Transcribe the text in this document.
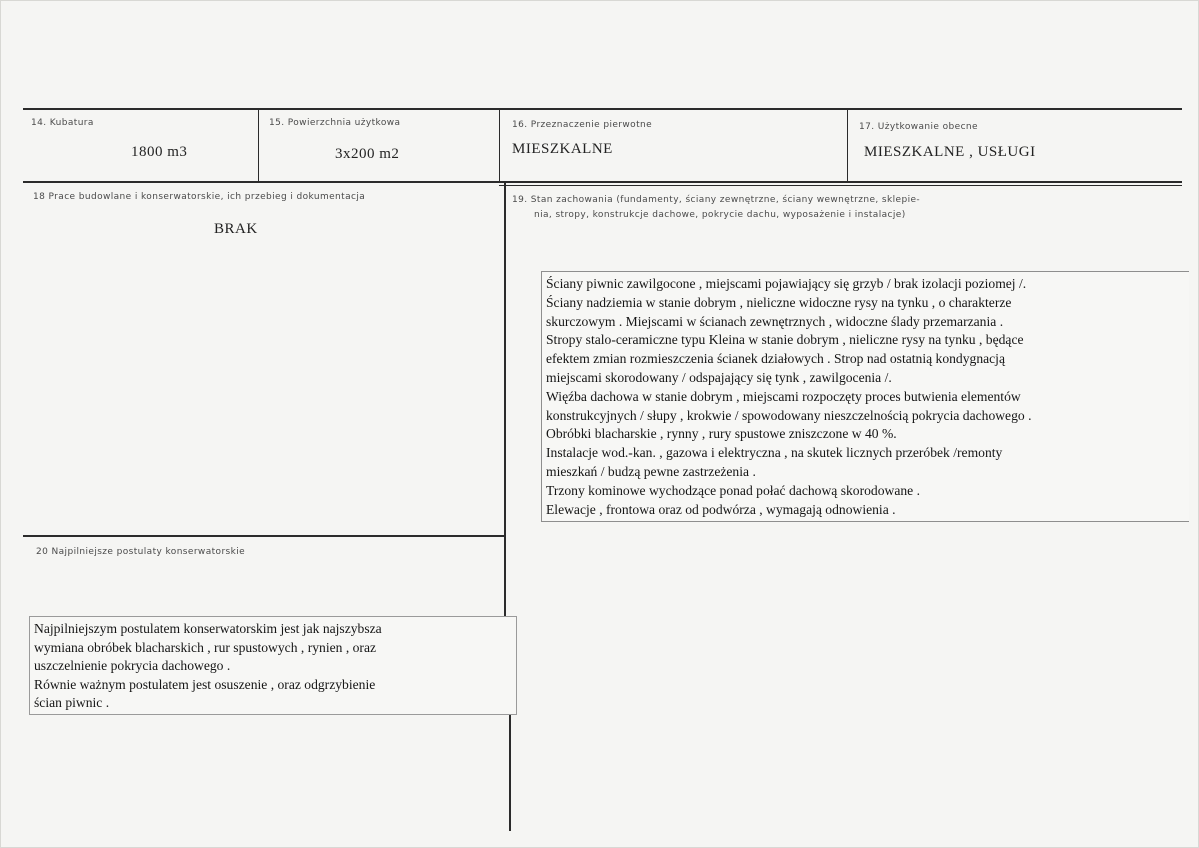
14. Kubatura
1800 m3
15. Powierzchnia użytkowa
3x200 m2
16. Przeznaczenie pierwotne
MIESZKALNE
17. Użytkowanie obecne
MIESZKALNE , USŁUGI
18 Prace budowlane i konserwatorskie, ich przebieg i dokumentacja
BRAK
19. Stan zachowania (fundamenty, ściany zewnętrzne, ściany wewnętrzne, sklepie-
nia, stropy, konstrukcje dachowe, pokrycie dachu, wyposażenie i instalacje)
Ściany piwnic zawilgocone , miejscami pojawiający się grzyb / brak izolacji poziomej /.
Ściany nadziemia w stanie dobrym , nieliczne widoczne rysy na tynku , o charakterze
skurczowym . Miejscami w ścianach zewnętrznych , widoczne ślady przemarzania .
Stropy stalo-ceramiczne typu Kleina w stanie dobrym , nieliczne rysy na tynku , będące
efektem zmian rozmieszczenia ścianek działowych . Strop nad ostatnią kondygnacją
miejscami skorodowany / odspajający się tynk , zawilgocenia /.
Więźba dachowa w stanie dobrym , miejscami rozpoczęty proces butwienia elementów
konstrukcyjnych / słupy , krokwie / spowodowany nieszczelnością pokrycia dachowego .
Obróbki blacharskie , rynny , rury spustowe zniszczone w 40 %.
Instalacje wod.-kan. , gazowa i elektryczna , na skutek licznych przeróbek /remonty
mieszkań / budzą pewne zastrzeżenia .
Trzony kominowe wychodzące ponad połać dachową skorodowane .
Elewacje , frontowa oraz od podwórza , wymagają odnowienia .
20 Najpilniejsze postulaty konserwatorskie
Najpilniejszym postulatem konserwatorskim jest jak najszybsza
wymiana obróbek blacharskich , rur spustowych , rynien , oraz
uszczelnienie pokrycia dachowego .
Równie ważnym postulatem jest osuszenie , oraz odgrzybienie
ścian piwnic .
